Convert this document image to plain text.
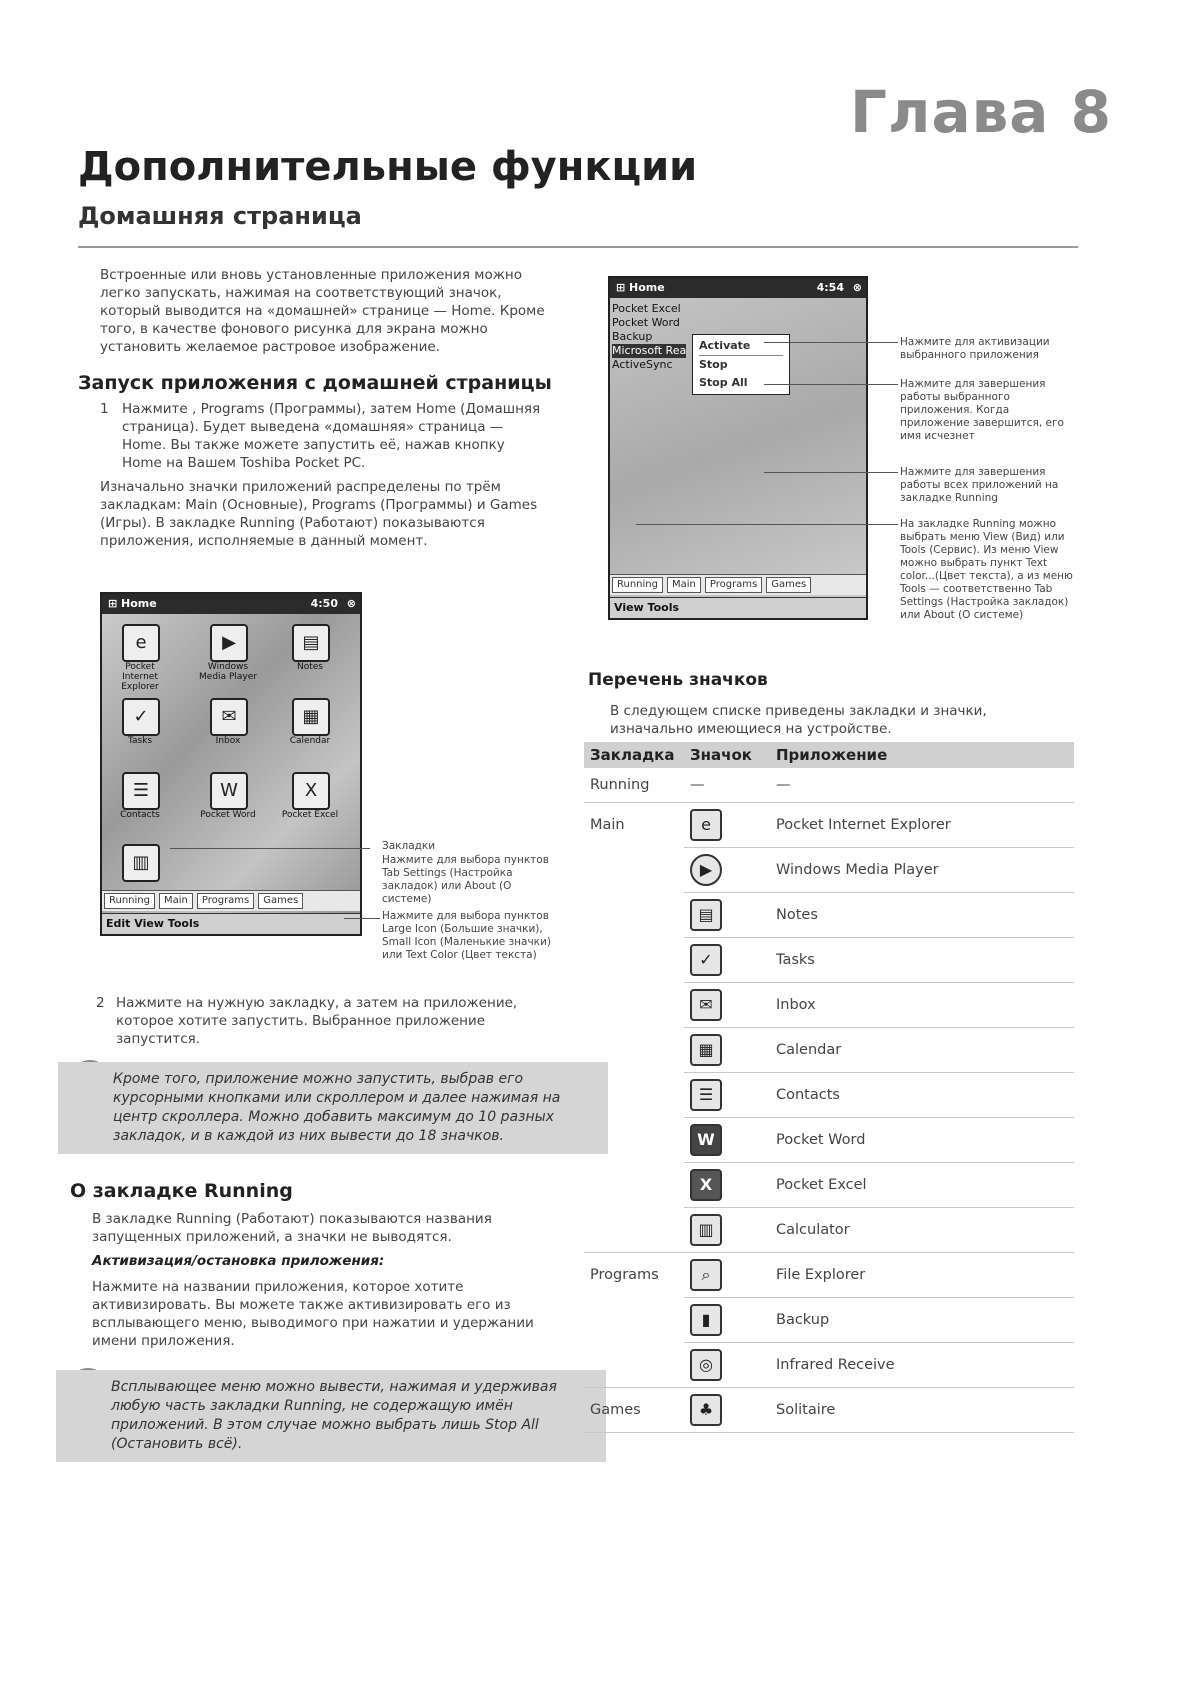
Глава 8
Дополнительные функции
Домашняя страница
Встроенные или вновь установленные приложения можно легко запускать, нажимая на соответствующий значок, который выводится на «домашней» странице — Home. Кроме того, в качестве фонового рисунка для экрана можно установить желаемое растровое изображение.
Запуск приложения с домашней страницы
1 Нажмите , Programs (Программы), затем Home (Домашняя страница). Будет выведена «домашняя» страница — Home. Вы также можете запустить её, нажав кнопку Home на Вашем Toshiba Pocket PC.
Изначально значки приложений распределены по трём закладкам: Main (Основные), Programs (Программы) и Games (Игры). В закладке Running (Работают) показываются приложения, исполняемые в данный момент.
⊞ Home	4:50 ⊗
e
Pocket Internet Explorer
▶
Windows Media Player
▤
Notes
✓
Tasks
✉
Inbox
▦
Calendar
☰
Contacts
W
Pocket Word
X
Pocket Excel
▥
Running Main Programs Games
Edit View Tools
Закладки
Нажмите для выбора пунктов Tab Settings (Настройка закладок) или About (О системе)
Нажмите для выбора пунктов Large Icon (Большие значки), Small Icon (Маленькие значки) или Text Color (Цвет текста)
2 Нажмите на нужную закладку, а затем на приложение, которое хотите запустить. Выбранное приложение запустится.
Кроме того, приложение можно запустить, выбрав его курсорными кнопками или скроллером и далее нажимая на центр скроллера. Можно добавить максимум до 10 разных закладок, и в каждой из них вывести до 18 значков.
О закладке Running
В закладке Running (Работают) показываются названия запущенных приложений, а значки не выводятся.
Активизация/остановка приложения:
Нажмите на названии приложения, которое хотите активизировать. Вы можете также активизировать его из всплывающего меню, выводимого при нажатии и удержании имени приложения.
Всплывающее меню можно вывести, нажимая и удерживая любую часть закладки Running, не содержащую имён приложений. В этом случае можно выбрать лишь Stop All (Остановить всё).
⊞ Home	4:54 ⊗
Pocket Excel
Pocket Word
Backup
Microsoft Rea
ActiveSync
Activate
Stop
Stop All
Running Main Programs Games
View Tools
Нажмите для активизации выбранного приложения
Нажмите для завершения работы выбранного приложения. Когда приложение завершится, его имя исчезнет
Нажмите для завершения работы всех приложений на закладке Running
На закладке Running можно выбрать меню View (Вид) или Tools (Сервис). Из меню View можно выбрать пункт Text color...(Цвет текста), а из меню Tools — соответственно Tab Settings (Настройка закладок) или About (О системе)
Перечень значков
В следующем списке приведены закладки и значки, изначально имеющиеся на устройстве.
Закладка	Значок	Приложение
Running	—	—
Main	e	Pocket Internet Explorer
	▶	Windows Media Player
	▤	Notes
	✓	Tasks
	✉	Inbox
	▦	Calendar
	☰	Contacts
	W	Pocket Word
	X	Pocket Excel
	▥	Calculator
Programs	⌕	File Explorer
	▮	Backup
	◎	Infrared Receive
Games	♣	Solitaire
